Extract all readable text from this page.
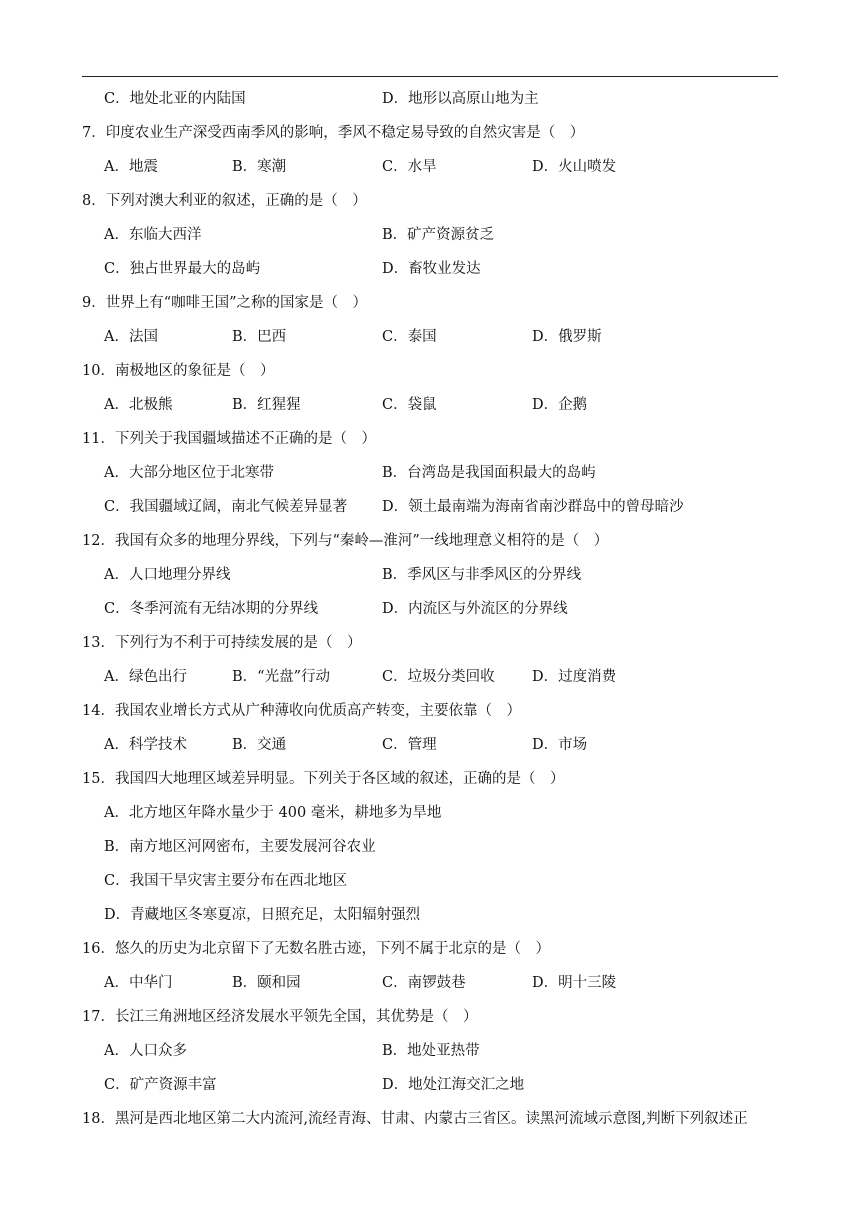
C．地处北亚的内陆国	D．地形以高原山地为主
7．印度农业生产深受西南季风的影响，季风不稳定易导致的自然灾害是（　）
A．地震	B．寒潮	C．水旱	D．火山喷发
8．下列对澳大利亚的叙述，正确的是（　）
A．东临大西洋	B．矿产资源贫乏
C．独占世界最大的岛屿	D．畜牧业发达
9．世界上有“咖啡王国”之称的国家是（　）
A．法国	B．巴西	C．泰国	D．俄罗斯
10．南极地区的象征是（　）
A．北极熊	B．红猩猩	C．袋鼠	D．企鹅
11．下列关于我国疆域描述不正确的是（　）
A．大部分地区位于北寒带	B．台湾岛是我国面积最大的岛屿
C．我国疆域辽阔，南北气候差异显著 D．领土最南端为海南省南沙群岛中的曾母暗沙
12．我国有众多的地理分界线，下列与“秦岭—淮河”一线地理意义相符的是（　）
A．人口地理分界线	B．季风区与非季风区的分界线
C．冬季河流有无结冰期的分界线	D．内流区与外流区的分界线
13．下列行为不利于可持续发展的是（　）
A．绿色出行	B．“光盘”行动	C．垃圾分类回收	D．过度消费
14．我国农业增长方式从广种薄收向优质高产转变，主要依靠（　）
A．科学技术	B．交通	C．管理	D．市场
15．我国四大地理区域差异明显。下列关于各区域的叙述，正确的是（　）
A．北方地区年降水量少于 400 毫米，耕地多为旱地
B．南方地区河网密布，主要发展河谷农业
C．我国干旱灾害主要分布在西北地区
D．青藏地区冬寒夏凉，日照充足，太阳辐射强烈
16．悠久的历史为北京留下了无数名胜古迹，下列不属于北京的是（　）
A．中华门	B．颐和园	C．南锣鼓巷	D．明十三陵
17．长江三角洲地区经济发展水平领先全国，其优势是（　）
A．人口众多	B．地处亚热带
C．矿产资源丰富	D．地处江海交汇之地
18．黑河是西北地区第二大内流河,流经青海、甘肃、内蒙古三省区。读黑河流域示意图,判断下列叙述正
